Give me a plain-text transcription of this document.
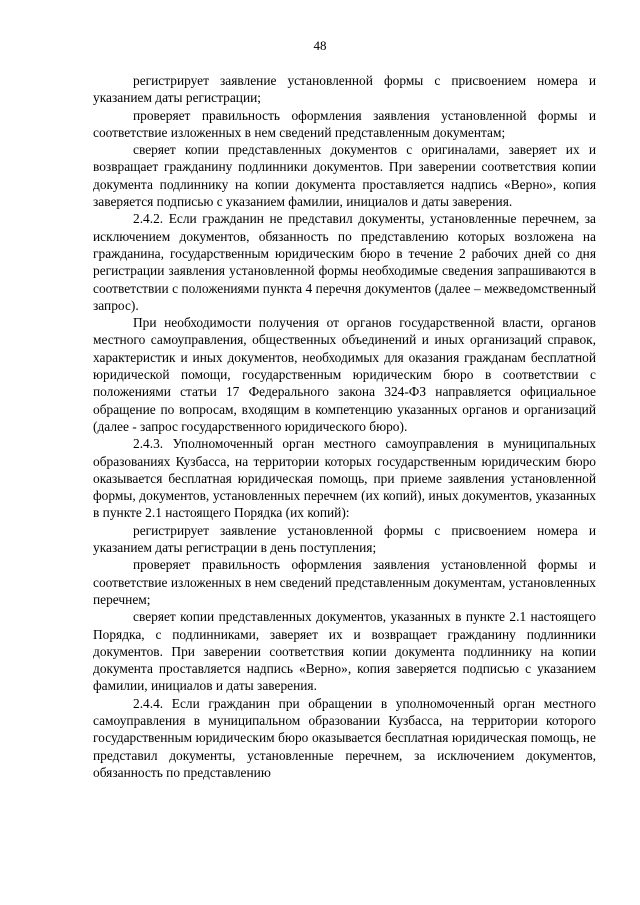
48

регистрирует заявление установленной формы с присвоением номера и указанием даты регистрации;

проверяет правильность оформления заявления установленной формы и соответствие изложенных в нем сведений представленным документам;

сверяет копии представленных документов с оригиналами, заверяет их и возвращает гражданину подлинники документов. При заверении соответствия копии документа подлиннику на копии документа проставляется надпись «Верно», копия заверяется подписью с указанием фамилии, инициалов и даты заверения.

2.4.2. Если гражданин не представил документы, установленные перечнем, за исключением документов, обязанность по представлению которых возложена на гражданина, государственным юридическим бюро в течение 2 рабочих дней со дня регистрации заявления установленной формы необходимые сведения запрашиваются в соответствии с положениями пункта 4 перечня документов (далее – межведомственный запрос).

При необходимости получения от органов государственной власти, органов местного самоуправления, общественных объединений и иных организаций справок, характеристик и иных документов, необходимых для оказания гражданам бесплатной юридической помощи, государственным юридическим бюро в соответствии с положениями статьи 17 Федерального закона 324-ФЗ направляется официальное обращение по вопросам, входящим в компетенцию указанных органов и организаций (далее - запрос государственного юридического бюро).

2.4.3. Уполномоченный орган местного самоуправления в муниципальных образованиях Кузбасса, на территории которых государственным юридическим бюро оказывается бесплатная юридическая помощь, при приеме заявления установленной формы, документов, установленных перечнем (их копий), иных документов, указанных в пункте 2.1 настоящего Порядка (их копий):

регистрирует заявление установленной формы с присвоением номера и указанием даты регистрации в день поступления;

проверяет правильность оформления заявления установленной формы и соответствие изложенных в нем сведений представленным документам, установленных перечнем;

сверяет копии представленных документов, указанных в пункте 2.1 настоящего Порядка, с подлинниками, заверяет их и возвращает гражданину подлинники документов. При заверении соответствия копии документа подлиннику на копии документа проставляется надпись «Верно», копия заверяется подписью с указанием фамилии, инициалов и даты заверения.

2.4.4. Если гражданин при обращении в уполномоченный орган местного самоуправления в муниципальном образовании Кузбасса, на территории которого государственным юридическим бюро оказывается бесплатная юридическая помощь, не представил документы, установленные перечнем, за исключением документов, обязанность по представлению
